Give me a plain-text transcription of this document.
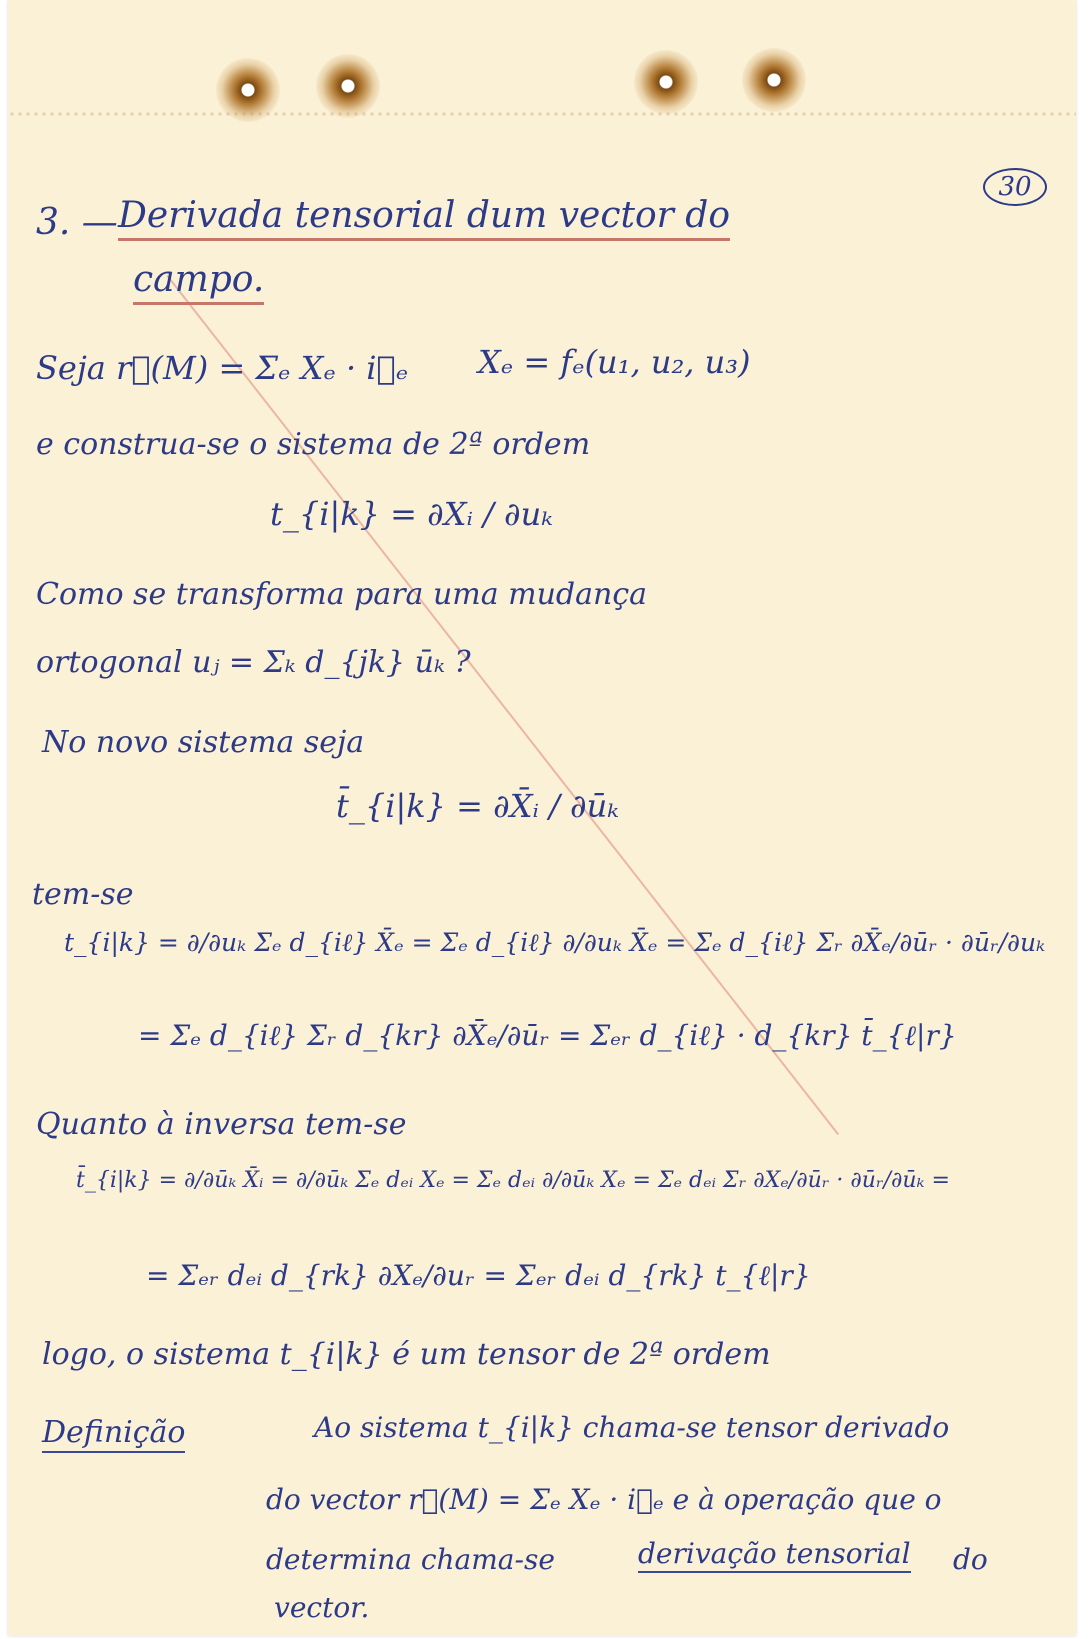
30
3. — Derivada tensorial dum vector do
campo.
Seja r⃗(M) = Σₑ Xₑ · i⃗ₑ Xₑ = fₑ(u₁, u₂, u₃)
e construa-se o sistema de 2ª ordem
t_{i|k} = ∂Xᵢ / ∂uₖ
Como se transforma para uma mudança
ortogonal uⱼ = Σₖ d_{jk} ūₖ ?
No novo sistema seja
t̄_{i|k} = ∂X̄ᵢ / ∂ūₖ
tem-se
t_{i|k} = ∂/∂uₖ Σₑ d_{iℓ} X̄ₑ = Σₑ d_{iℓ} ∂/∂uₖ X̄ₑ = Σₑ d_{iℓ} Σᵣ ∂X̄ₑ/∂ūᵣ · ∂ūᵣ/∂uₖ
= Σₑ d_{iℓ} Σᵣ d_{kr} ∂X̄ₑ/∂ūᵣ = Σₑᵣ d_{iℓ} · d_{kr} t̄_{ℓ|r}
Quanto à inversa tem-se
t̄_{i|k} = ∂/∂ūₖ X̄ᵢ = ∂/∂ūₖ Σₑ dₑᵢ Xₑ = Σₑ dₑᵢ ∂/∂ūₖ Xₑ = Σₑ dₑᵢ Σᵣ ∂Xₑ/∂ūᵣ · ∂ūᵣ/∂ūₖ =
= Σₑᵣ dₑᵢ d_{rk} ∂Xₑ/∂uᵣ = Σₑᵣ dₑᵢ d_{rk} t_{ℓ|r}
logo, o sistema t_{i|k} é um tensor de 2ª ordem
Definição	Ao sistema t_{i|k} chama-se tensor derivado
do vector r⃗(M) = Σₑ Xₑ · i⃗ₑ e à operação que o
determina chama-se	derivação tensorial do
vector.
